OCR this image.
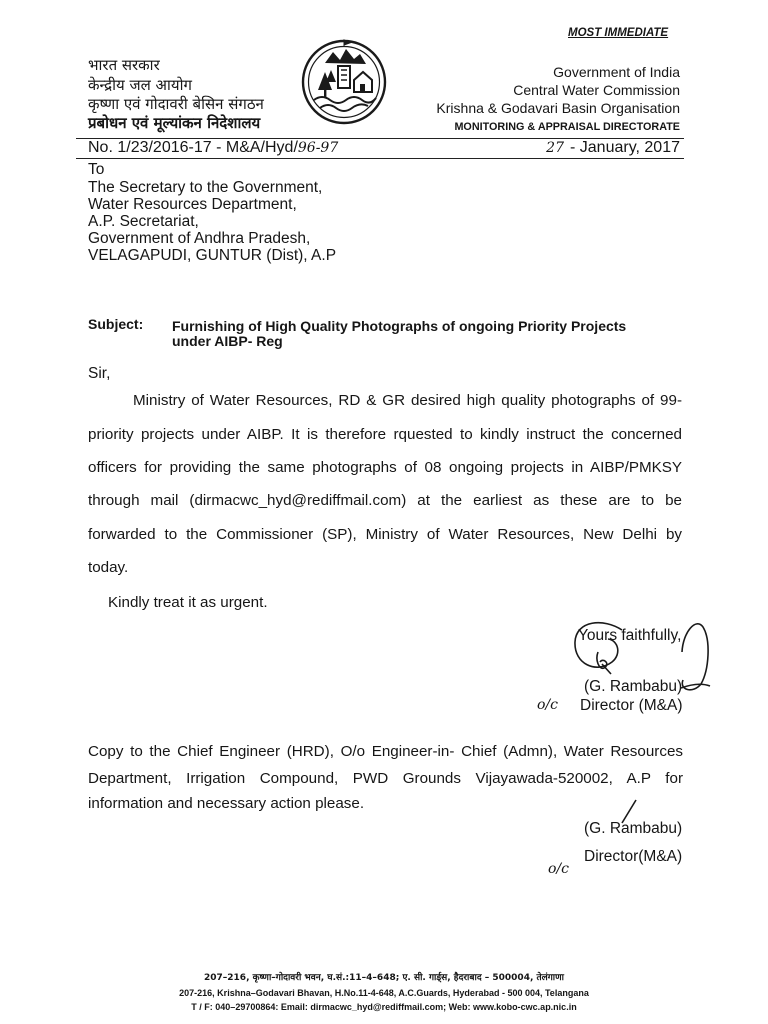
MOST IMMEDIATE
भारत सरकार
केन्द्रीय जल आयोग
कृष्णा एवं गोदावरी बेसिन संगठन
प्रबोधन एवं मूल्यांकन निदेशालय
Government of India
Central Water Commission
Krishna & Godavari Basin Organisation
MONITORING & APPRAISAL DIRECTORATE
No. 1/23/2016-17 - M&A/Hyd/96-97	27 - January, 2017
To
The Secretary to the Government,
Water Resources Department,
A.P. Secretariat,
Government of Andhra Pradesh,
VELAGAPUDI, GUNTUR (Dist), A.P
Subject: Furnishing of High Quality Photographs of ongoing Priority Projects
under AIBP- Reg
Sir,
Ministry of Water Resources, RD & GR desired high quality photographs of 99-
priority projects under AIBP. It is therefore rquested to kindly instruct the concerned
officers for providing the same photographs of 08 ongoing projects in AIBP/PMKSY
through mail (dirmacwc_hyd@rediffmail.com) at the earliest as these are to be
forwarded to the Commissioner (SP), Ministry of Water Resources, New Delhi by
today.
Kindly treat it as urgent.
Yours faithfully,
(G. Rambabu)
o/c Director (M&A)
Copy to the Chief Engineer (HRD), O/o Engineer-in- Chief (Admn), Water Resources
Department, Irrigation Compound, PWD Grounds Vijayawada-520002, A.P for
information and necessary action please.
(G. Rambabu)
Director(M&A)
o/c
207–216, कृष्णा–गोदावरी भवन, घ.सं.:11–4–648; ए. सी. गार्ड्स, हैदराबाद – 500004, तेलंगाणा
207-216, Krishna–Godavari Bhavan, H.No.11-4-648, A.C.Guards, Hyderabad - 500 004, Telangana
T / F: 040–29700864: Email: dirmacwc_hyd@rediffmail.com; Web: www.kobo-cwc.ap.nic.in
